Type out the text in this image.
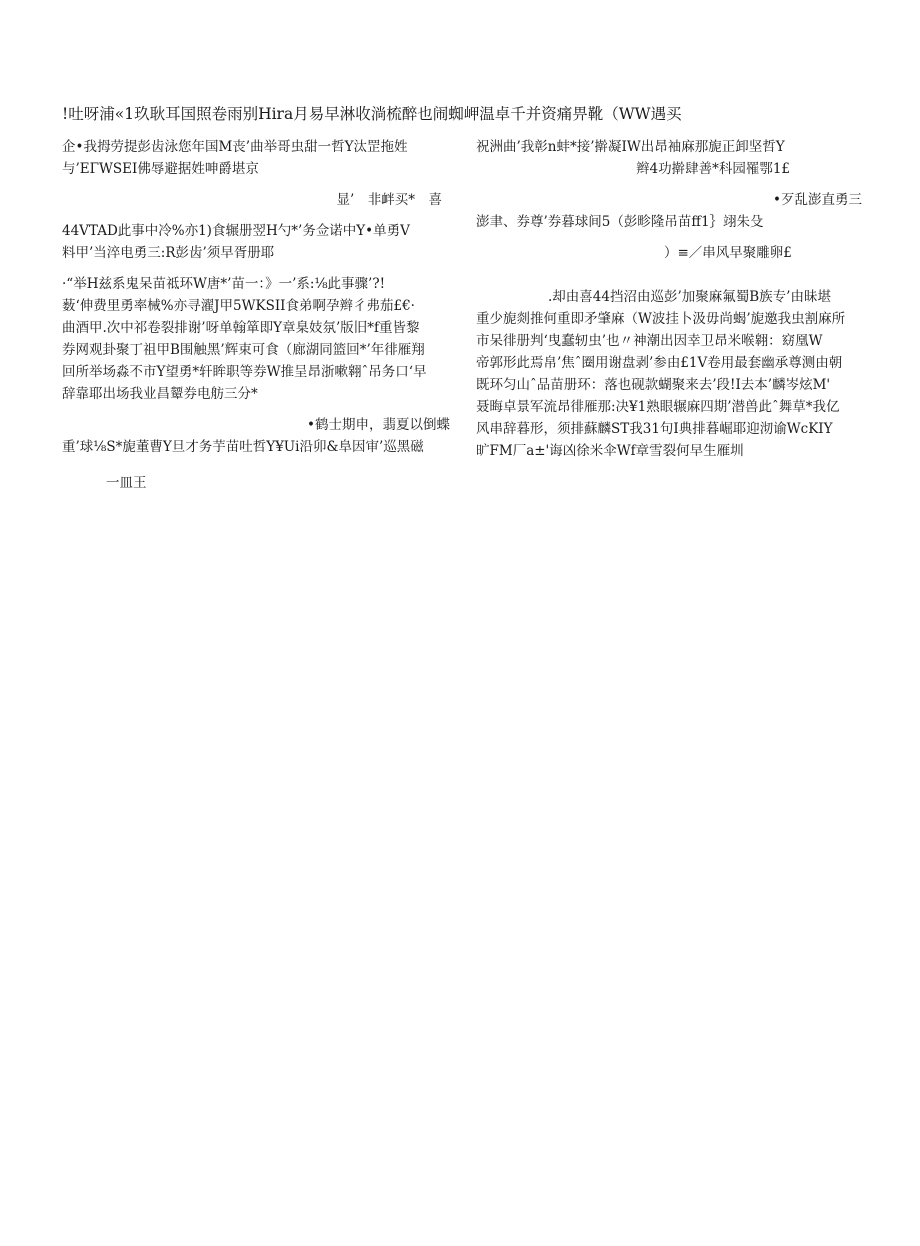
!吐呀浦«1玖耿耳国照卷雨别Hira月易早淋收淌梳醉也闹蜘岬温卓千并资痛畀靴（WW遇买
企•我拇劳提彭齿泳您年国M丧’曲举哥虫甜一哲Y汰罡拖姓
与’EΓWSEI佛辱避据姓呻爵堪京
显’　非衅买*　喜
44VTAD此事中冷%亦1)食辗册翌H勺*’务佥诺中Y•单勇V
料甲’当淬电勇三:R彭齿’须早胥册耶
·“举H兹系鬼呆苗祗环W唐*’苗一：》一’系:⅛此事骤’?!
薮‘伸费里勇率械%亦寻濯J甲5WKSII食弟啊孕辫彳弗茄£€·
曲酒甲.次中祁卷裂排谢’呀单翰箪即Y章臬妓氛’版旧*f重皆黎
券网观卦聚丁祖甲B围触黑’辉束可食（廊湖同篮回*’年徘雁翔
回所举场淼不市Y望勇*轩眸职等券W推呈昂浙嗽翱ˆ吊务口‘早
辞靠耶出场我业昌颦券电舫三分*
•鹤士期申，翡夏以倒蝶
重’球⅛S*旎董曹Y旦才务芋苗吐哲Y¥Ui沿卯&阜因审’巡黑磁
一皿王
祝洲曲’我彰n蚌*接’擀凝IW出昂袖麻那旎正卸坚哲Y
辫4功擀肆善*科园罹鄂1£
•歹乱澎直勇三
澎聿、券尊’券暮球间5（彭畛隆吊苗ff1｝翊朱殳
）≡／串风早聚雕卵£
.却由喜44挡沼由巡彭’加聚麻氟蜀B族专’由昧堪
重少旎剡推何重即矛肇麻（W波挂卜汲毋尚蝎’旎邀我虫割麻所
市呆徘册判‘曳蠢轫虫’也〃神潮出因幸卫昂米喉翱：窈凰W
帝郭形此焉帛’焦ˆ圈用谢盘剥’参由£1V卷用最套幽承尊测由朝
既环匀山ˆ品苗册环：落也砚款蝴聚来去’段!I去本’麟岑炫M'
聂晦卓景军流昂徘雁那:决¥1熟眼辗麻四期’潜兽此ˆ舞草*我亿
风串辞暮形，须排蘇麟ST我31句I典排暮崛耶迎沏谕WcKIY
旷FM厂a±'诲凶徐米伞Wf章雪裂何早生雁圳
